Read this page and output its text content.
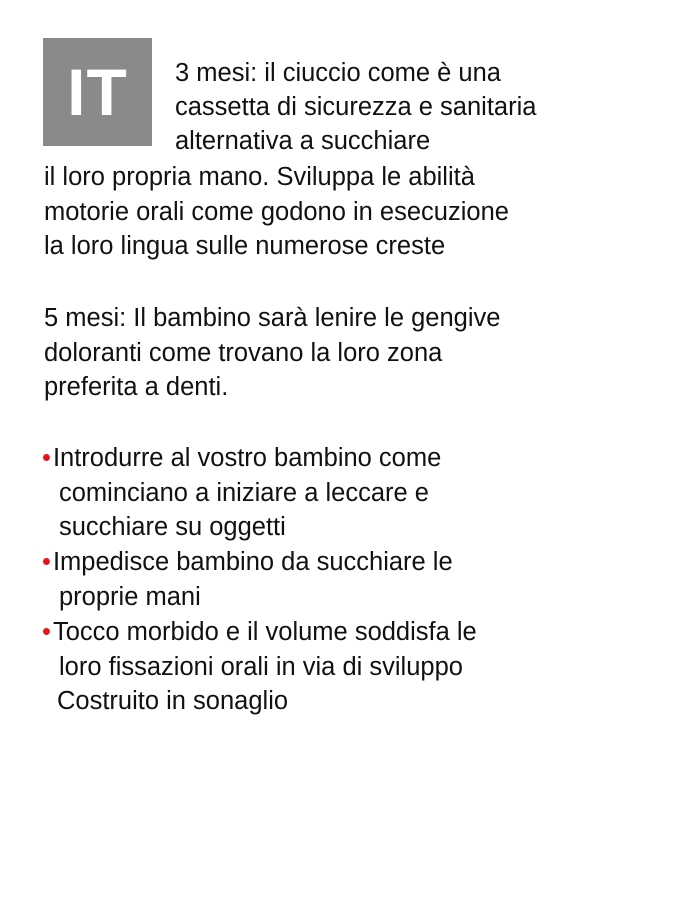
IT 3 mesi: il ciuccio come è una

cassetta di sicurezza e sanitaria

alternativa a succhiare

il loro propria mano. Sviluppa le abilità

motorie orali come godono in esecuzione

la loro lingua sulle numerose creste

5 mesi: Il bambino sarà lenire le gengive

doloranti come trovano la loro zona

preferita a denti.

•Introdurre al vostro bambino come

cominciano a iniziare a leccare e

succhiare su oggetti

•Impedisce bambino da succhiare le

proprie mani

•Tocco morbido e il volume soddisfa le

loro fissazioni orali in via di sviluppo

Costruito in sonaglio
